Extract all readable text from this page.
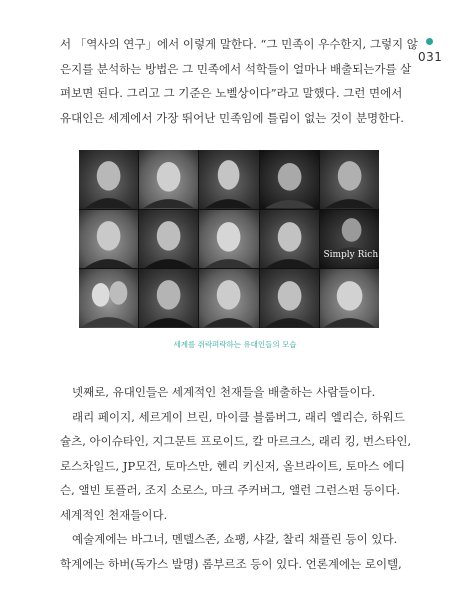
031
서 「역사의 연구」에서 이렇게 말한다. “그 민족이 우수한지, 그렇지 않
은지를 분석하는 방법은 그 민족에서 석학들이 얼마나 배출되는가를 살
펴보면 된다. 그리고 그 기준은 노벨상이다”라고 말했다. 그런 면에서
유대인은 세계에서 가장 뛰어난 민족임에 틀림이 없는 것이 분명한다.
Simply Rich
세계를 쥐락펴락하는 유대인들의 모습
넷째로, 유대인들은 세계적인 천재들을 배출하는 사람들이다.
래리 페이지, 세르게이 브린, 마이클 블룸버그, 래리 엘리슨, 하워드
슐츠, 아이슈타인, 지그문트 프로이드, 칼 마르크스, 래리 킹, 번스타인,
로스차일드, JP모건, 토마스만, 헨리 키신저, 올브라이트, 토마스 에디
슨, 앨빈 토플러, 조지 소로스, 마크 주커버그, 앨런 그런스펀 등이다.
세계적인 천재들이다.
예술계에는 바그너, 멘델스존, 쇼팽, 샤갈, 찰리 채플린 등이 있다.
학계에는 하버(독가스 발명) 롬부르조 등이 있다. 언론계에는 로이텔,
